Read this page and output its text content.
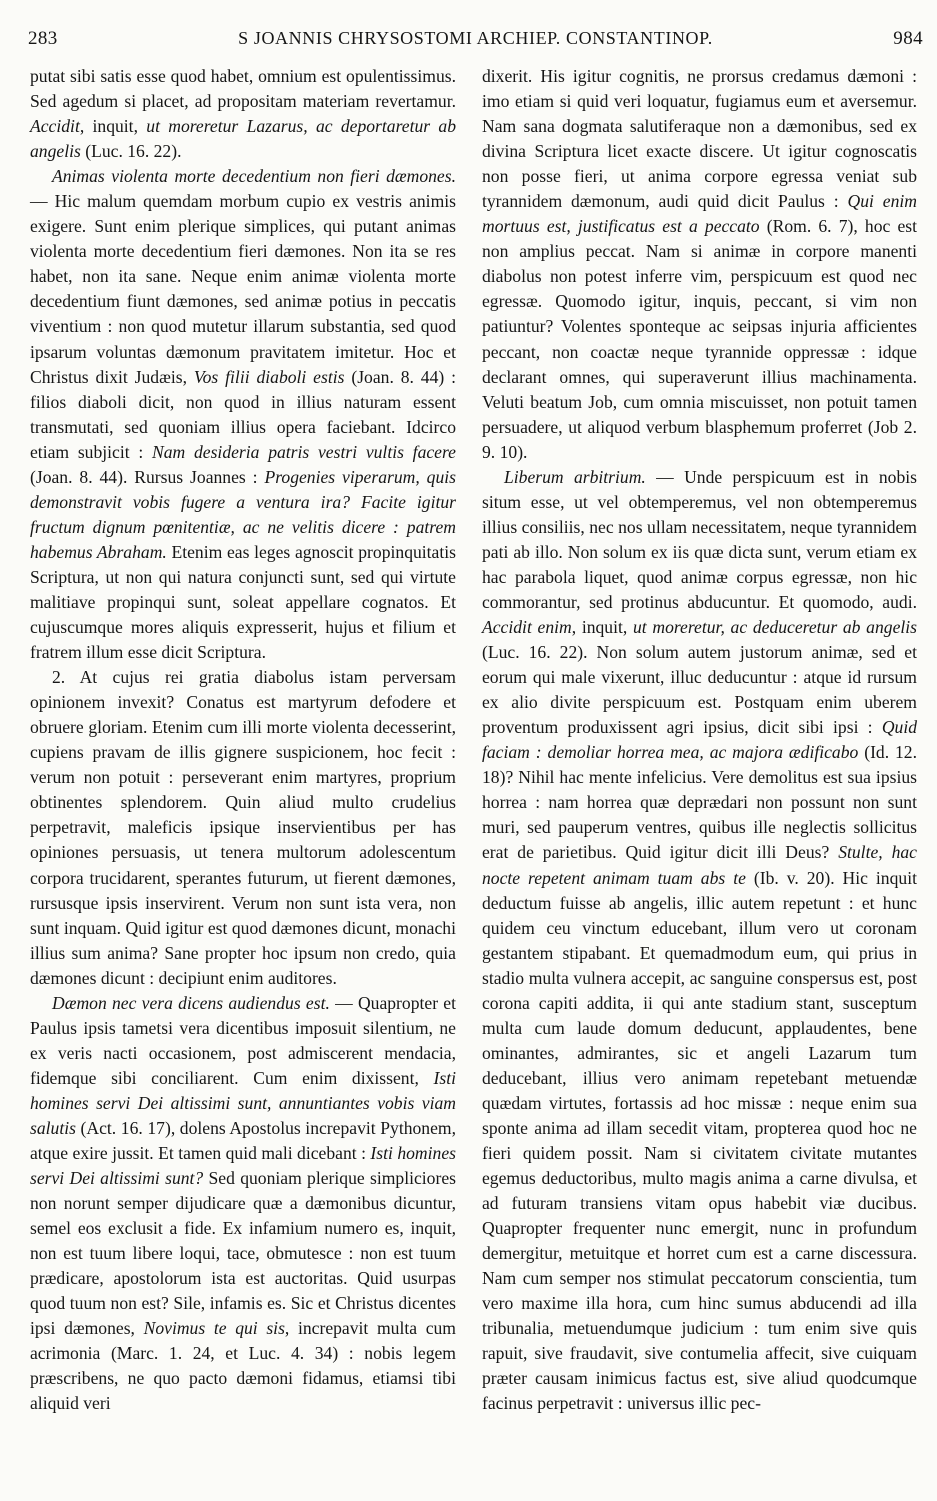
283	S JOANNIS CHRYSOSTOMI ARCHIEP. CONSTANTINOP.	984

putat sibi satis esse quod habet, omnium est opulentissimus. Sed agedum si placet, ad propositam materiam revertamur. Accidit, inquit, ut moreretur Lazarus, ac deportaretur ab angelis (Luc. 16. 22).

Animas violenta morte decedentium non fieri dæmones. — Hic malum quemdam morbum cupio ex vestris animis exigere. Sunt enim plerique simplices, qui putant animas violenta morte decedentium fieri dæmones. Non ita se res habet, non ita sane. Neque enim animæ violenta morte decedentium fiunt dæmones, sed animæ potius in peccatis viventium : non quod mutetur illarum substantia, sed quod ipsarum voluntas dæmonum pravitatem imitetur. Hoc et Christus dixit Judæis, Vos filii diaboli estis (Joan. 8. 44) : filios diaboli dicit, non quod in illius naturam essent transmutati, sed quoniam illius opera faciebant. Idcirco etiam subjicit : Nam desideria patris vestri vultis facere (Joan. 8. 44). Rursus Joannes : Progenies viperarum, quis demonstravit vobis fugere a ventura ira? Facite igitur fructum dignum pœnitentiæ, ac ne velitis dicere : patrem habemus Abraham. Etenim eas leges agnoscit propinquitatis Scriptura, ut non qui natura conjuncti sunt, sed qui virtute malitiave propinqui sunt, soleat appellare cognatos. Et cujuscumque mores aliquis expresserit, hujus et filium et fratrem illum esse dicit Scriptura.

2. At cujus rei gratia diabolus istam perversam opinionem invexit? Conatus est martyrum defodere et obruere gloriam. Etenim cum illi morte violenta decesserint, cupiens pravam de illis gignere suspicionem, hoc fecit : verum non potuit : perseverant enim martyres, proprium obtinentes splendorem. Quin aliud multo crudelius perpetravit, maleficis ipsique inservientibus per has opiniones persuasis, ut tenera multorum adolescentum corpora trucidarent, sperantes futurum, ut fierent dæmones, rursusque ipsis inservirent. Verum non sunt ista vera, non sunt inquam. Quid igitur est quod dæmones dicunt, monachi illius sum anima? Sane propter hoc ipsum non credo, quia dæmones dicunt : decipiunt enim auditores.

Dæmon nec vera dicens audiendus est. — Quapropter et Paulus ipsis tametsi vera dicentibus imposuit silentium, ne ex veris nacti occasionem, post admiscerent mendacia, fidemque sibi conciliarent. Cum enim dixissent, Isti homines servi Dei altissimi sunt, annuntiantes vobis viam salutis (Act. 16. 17), dolens Apostolus increpavit Pythonem, atque exire jussit. Et tamen quid mali dicebant : Isti homines servi Dei altissimi sunt? Sed quoniam plerique simpliciores non norunt semper dijudicare quæ a dæmonibus dicuntur, semel eos exclusit a fide. Ex infamium numero es, inquit, non est tuum libere loqui, tace, obmutesce : non est tuum prædicare, apostolorum ista est auctoritas. Quid usurpas quod tuum non est? Sile, infamis es. Sic et Christus dicentes ipsi dæmones, Novimus te qui sis, increpavit multa cum acrimonia (Marc. 1. 24, et Luc. 4. 34) : nobis legem præscribens, ne quo pacto dæmoni fidamus, etiamsi tibi aliquid veri

dixerit. His igitur cognitis, ne prorsus credamus dæmoni : imo etiam si quid veri loquatur, fugiamus eum et aversemur. Nam sana dogmata salutiferaque non a dæmonibus, sed ex divina Scriptura licet exacte discere. Ut igitur cognoscatis non posse fieri, ut anima corpore egressa veniat sub tyrannidem dæmonum, audi quid dicit Paulus : Qui enim mortuus est, justificatus est a peccato (Rom. 6. 7), hoc est non amplius peccat. Nam si animæ in corpore manenti diabolus non potest inferre vim, perspicuum est quod nec egressæ. Quomodo igitur, inquis, peccant, si vim non patiuntur? Volentes sponteque ac seipsas injuria afficientes peccant, non coactæ neque tyrannide oppressæ : idque declarant omnes, qui superaverunt illius machinamenta. Veluti beatum Job, cum omnia miscuisset, non potuit tamen persuadere, ut aliquod verbum blasphemum proferret (Job 2. 9. 10).

Liberum arbitrium. — Unde perspicuum est in nobis situm esse, ut vel obtemperemus, vel non obtemperemus illius consiliis, nec nos ullam necessitatem, neque tyrannidem pati ab illo. Non solum ex iis quæ dicta sunt, verum etiam ex hac parabola liquet, quod animæ corpus egressæ, non hic commorantur, sed protinus abducuntur. Et quomodo, audi. Accidit enim, inquit, ut moreretur, ac deduceretur ab angelis (Luc. 16. 22). Non solum autem justorum animæ, sed et eorum qui male vixerunt, illuc deducuntur : atque id rursum ex alio divite perspicuum est. Postquam enim uberem proventum produxissent agri ipsius, dicit sibi ipsi : Quid faciam : demoliar horrea mea, ac majora ædificabo (Id. 12. 18)? Nihil hac mente infelicius. Vere demolitus est sua ipsius horrea : nam horrea quæ deprædari non possunt non sunt muri, sed pauperum ventres, quibus ille neglectis sollicitus erat de parietibus. Quid igitur dicit illi Deus? Stulte, hac nocte repetent animam tuam abs te (Ib. v. 20). Hic inquit deductum fuisse ab angelis, illic autem repetunt : et hunc quidem ceu vinctum educebant, illum vero ut coronam gestantem stipabant. Et quemadmodum eum, qui prius in stadio multa vulnera accepit, ac sanguine conspersus est, post corona capiti addita, ii qui ante stadium stant, susceptum multa cum laude domum deducunt, applaudentes, bene ominantes, admirantes, sic et angeli Lazarum tum deducebant, illius vero animam repetebant metuendæ quædam virtutes, fortassis ad hoc missæ : neque enim sua sponte anima ad illam secedit vitam, propterea quod hoc ne fieri quidem possit. Nam si civitatem civitate mutantes egemus deductoribus, multo magis anima a carne divulsa, et ad futuram transiens vitam opus habebit viæ ducibus. Quapropter frequenter nunc emergit, nunc in profundum demergitur, metuitque et horret cum est a carne discessura. Nam cum semper nos stimulat peccatorum conscientia, tum vero maxime illa hora, cum hinc sumus abducendi ad illa tribunalia, metuendumque judicium : tum enim sive quis rapuit, sive fraudavit, sive contumelia affecit, sive cuiquam præter causam inimicus factus est, sive aliud quodcumque facinus perpetravit : universus illic pec-
